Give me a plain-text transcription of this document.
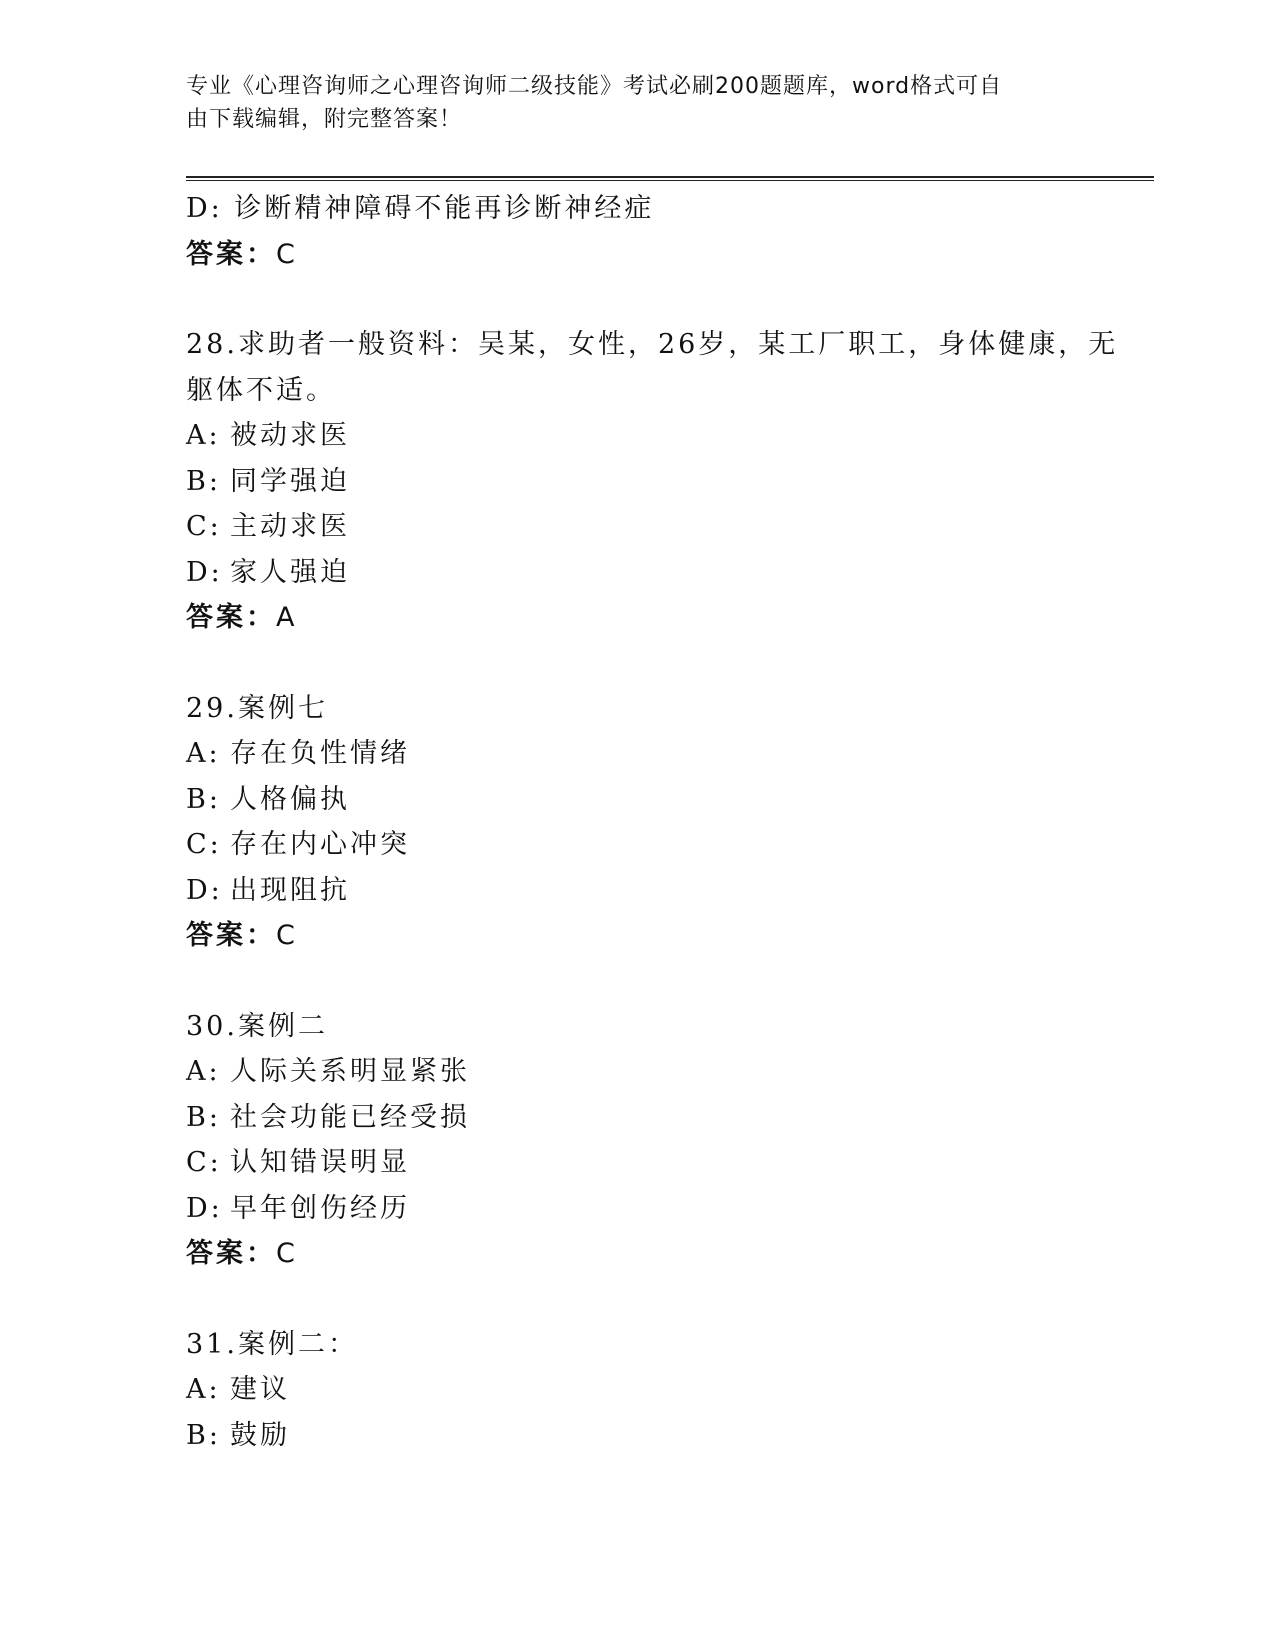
专业《心理咨询师之心理咨询师二级技能》考试必刷200题题库，word格式可自
由下载编辑，附完整答案！
D: 诊断精神障碍不能再诊断神经症
答案：C
28.求助者一般资料：吴某，女性，26岁，某工厂职工，身体健康，无
躯体不适。
A: 被动求医
B: 同学强迫
C: 主动求医
D: 家人强迫
答案：A
29.案例七
A: 存在负性情绪
B: 人格偏执
C: 存在内心冲突
D: 出现阻抗
答案：C
30.案例二
A: 人际关系明显紧张
B: 社会功能已经受损
C: 认知错误明显
D: 早年创伤经历
答案：C
31.案例二：
A: 建议
B: 鼓励
